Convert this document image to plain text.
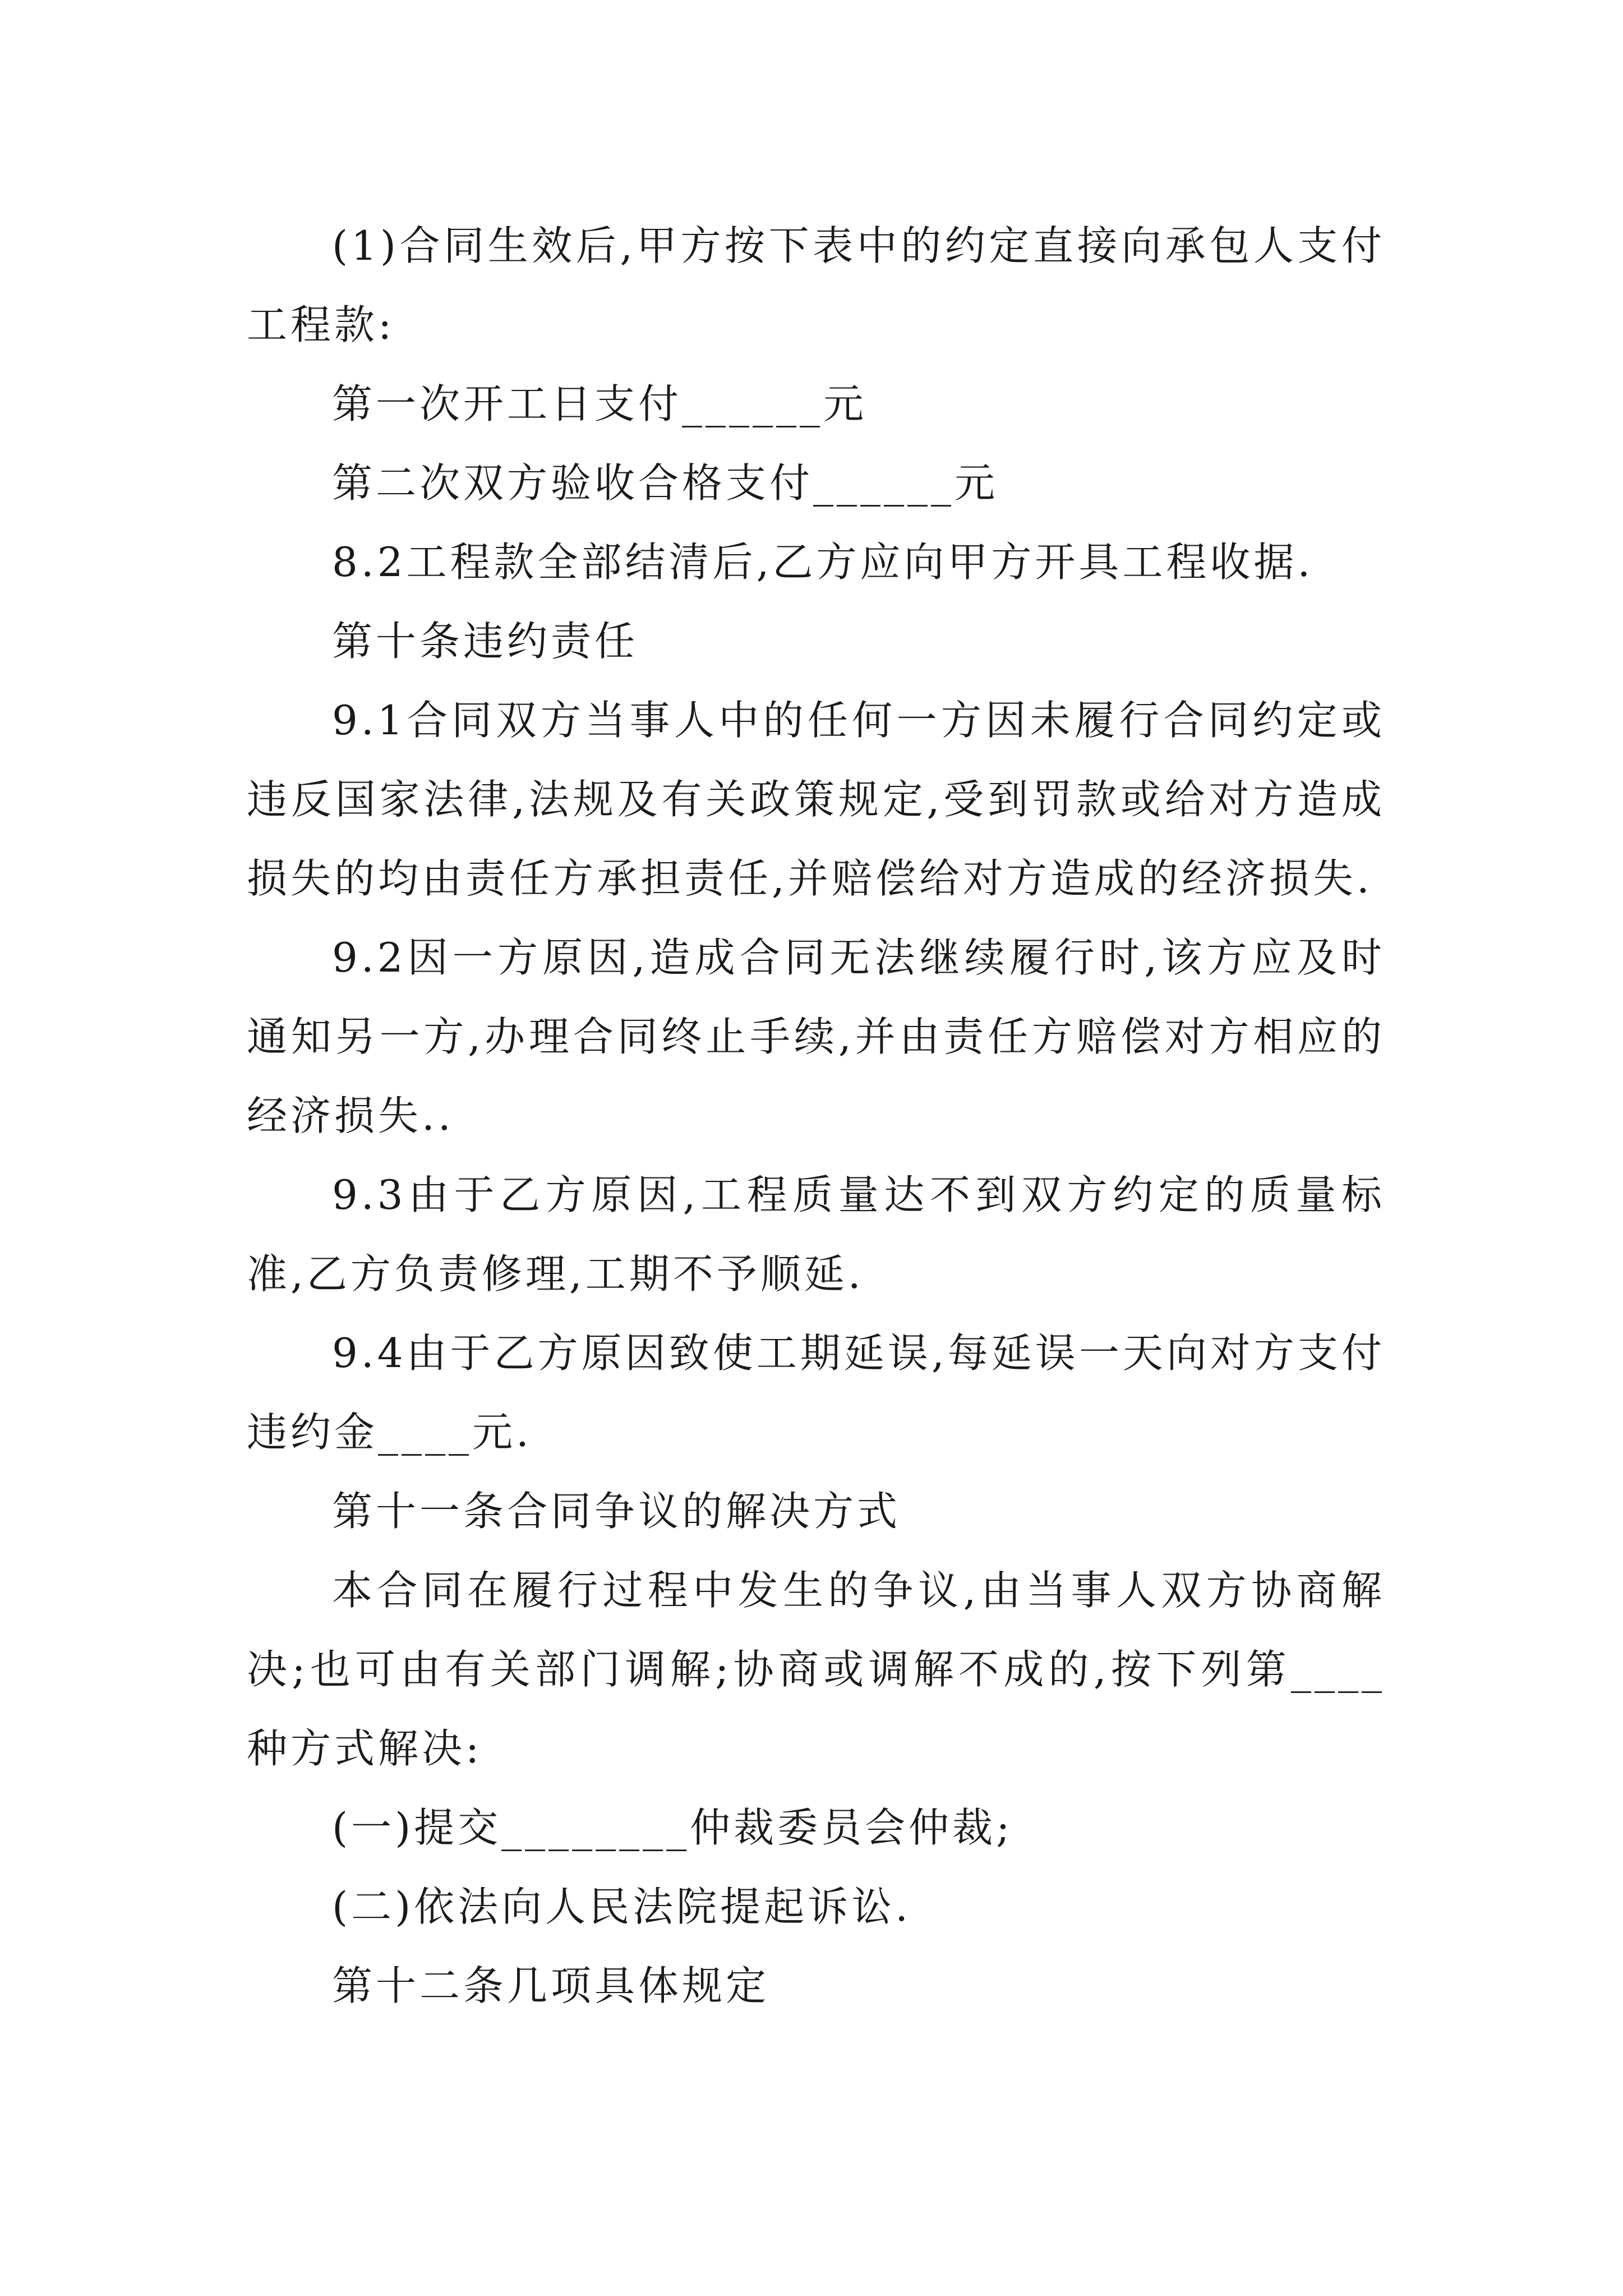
(1)合同生效后,甲方按下表中的约定直接向承包人支付工程款:

第一次开工日支付______元

第二次双方验收合格支付______元

8.2工程款全部结清后,乙方应向甲方开具工程收据.

第十条违约责任

9.1合同双方当事人中的任何一方因未履行合同约定或违反国家法律,法规及有关政策规定,受到罚款或给对方造成损失的均由责任方承担责任,并赔偿给对方造成的经济损失.

9.2因一方原因,造成合同无法继续履行时,该方应及时通知另一方,办理合同终止手续,并由责任方赔偿对方相应的经济损失..

9.3由于乙方原因,工程质量达不到双方约定的质量标准,乙方负责修理,工期不予顺延.

9.4由于乙方原因致使工期延误,每延误一天向对方支付违约金____元.

第十一条合同争议的解决方式

本合同在履行过程中发生的争议,由当事人双方协商解决;也可由有关部门调解;协商或调解不成的,按下列第____种方式解决:

(一)提交________仲裁委员会仲裁;

(二)依法向人民法院提起诉讼.

第十二条几项具体规定
